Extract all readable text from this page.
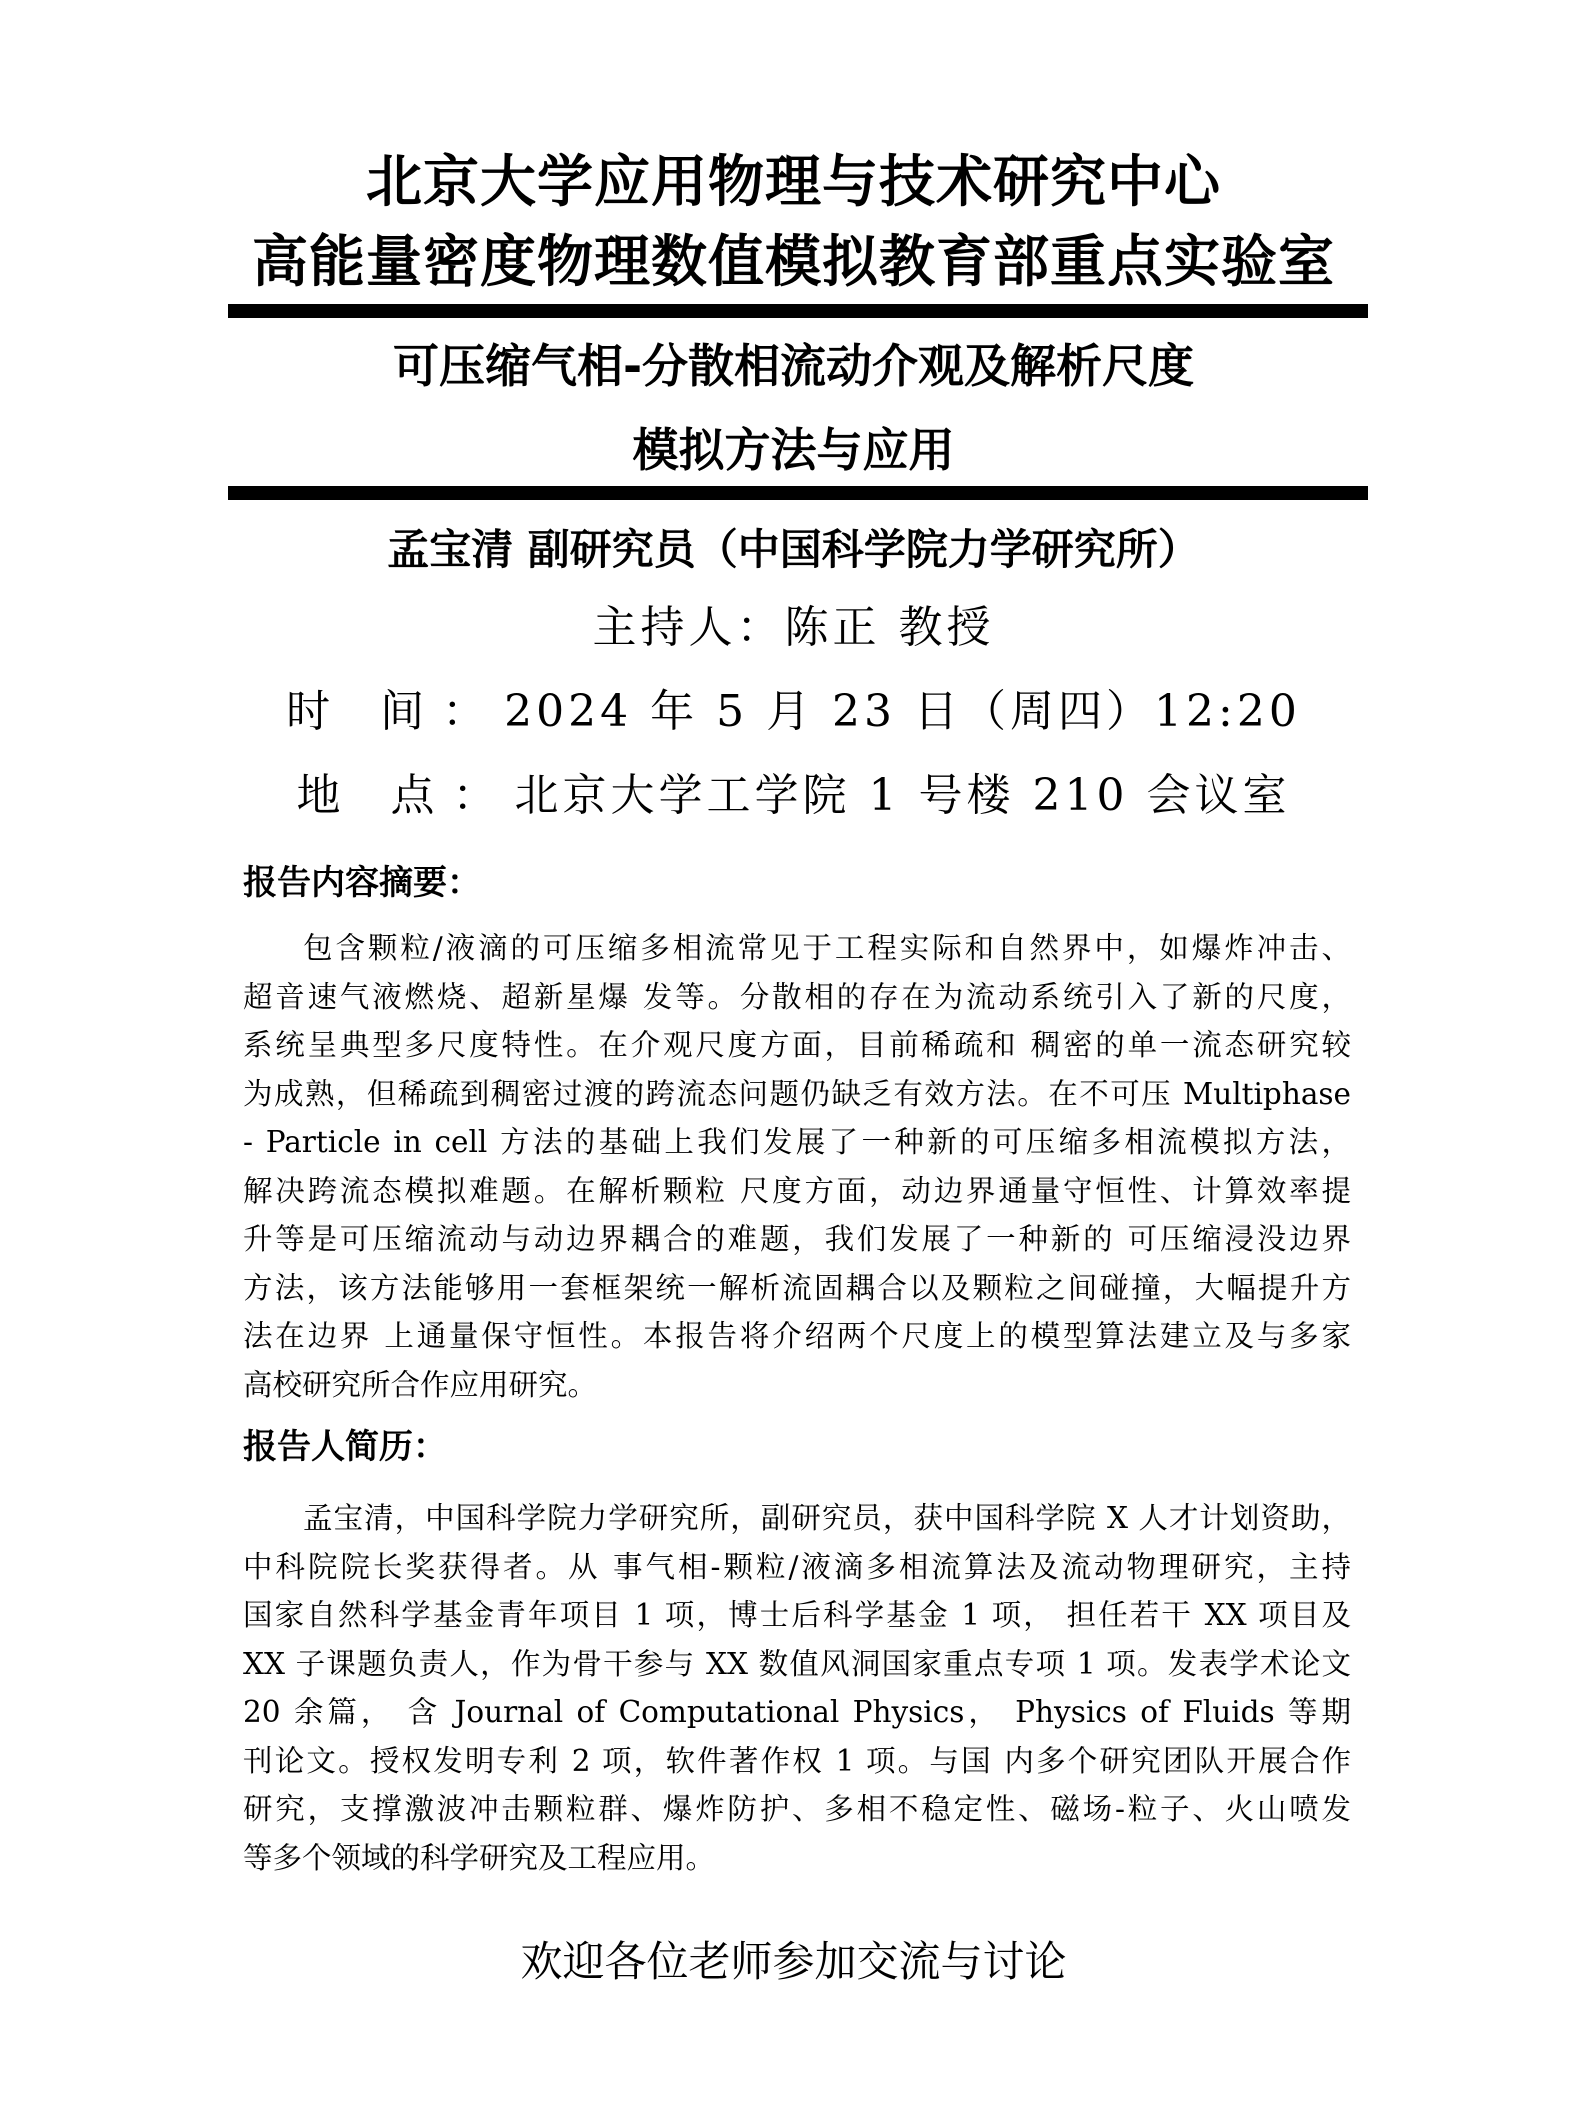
北京大学应用物理与技术研究中心
高能量密度物理数值模拟教育部重点实验室
可压缩气相-分散相流动介观及解析尺度
模拟方法与应用
孟宝清 副研究员（中国科学院力学研究所）
主持人：陈正 教授
时 间：2024 年 5 月 23 日（周四）12:20
地 点：北京大学工学院 1 号楼 210 会议室
报告内容摘要：
包含颗粒/液滴的可压缩多相流常见于工程实际和自然界中，如爆炸冲击、
超音速气液燃烧、超新星爆 发等。分散相的存在为流动系统引入了新的尺度，
系统呈典型多尺度特性。在介观尺度方面，目前稀疏和 稠密的单一流态研究较
为成熟，但稀疏到稠密过渡的跨流态问题仍缺乏有效方法。在不可压 Multiphase
- Particle in cell 方法的基础上我们发展了一种新的可压缩多相流模拟方法，
解决跨流态模拟难题。在解析颗粒 尺度方面，动边界通量守恒性、计算效率提
升等是可压缩流动与动边界耦合的难题，我们发展了一种新的 可压缩浸没边界
方法，该方法能够用一套框架统一解析流固耦合以及颗粒之间碰撞，大幅提升方
法在边界 上通量保守恒性。本报告将介绍两个尺度上的模型算法建立及与多家
高校研究所合作应用研究。
报告人简历：
孟宝清，中国科学院力学研究所，副研究员，获中国科学院 X 人才计划资助，
中科院院长奖获得者。从 事气相-颗粒/液滴多相流算法及流动物理研究，主持
国家自然科学基金青年项目 1 项，博士后科学基金 1 项， 担任若干 XX 项目及
XX 子课题负责人，作为骨干参与 XX 数值风洞国家重点专项 1 项。发表学术论文
20 余篇， 含 Journal of Computational Physics， Physics of Fluids 等期
刊论文。授权发明专利 2 项，软件著作权 1 项。与国 内多个研究团队开展合作
研究，支撑激波冲击颗粒群、爆炸防护、多相不稳定性、磁场-粒子、火山喷发
等多个领域的科学研究及工程应用。
欢迎各位老师参加交流与讨论
